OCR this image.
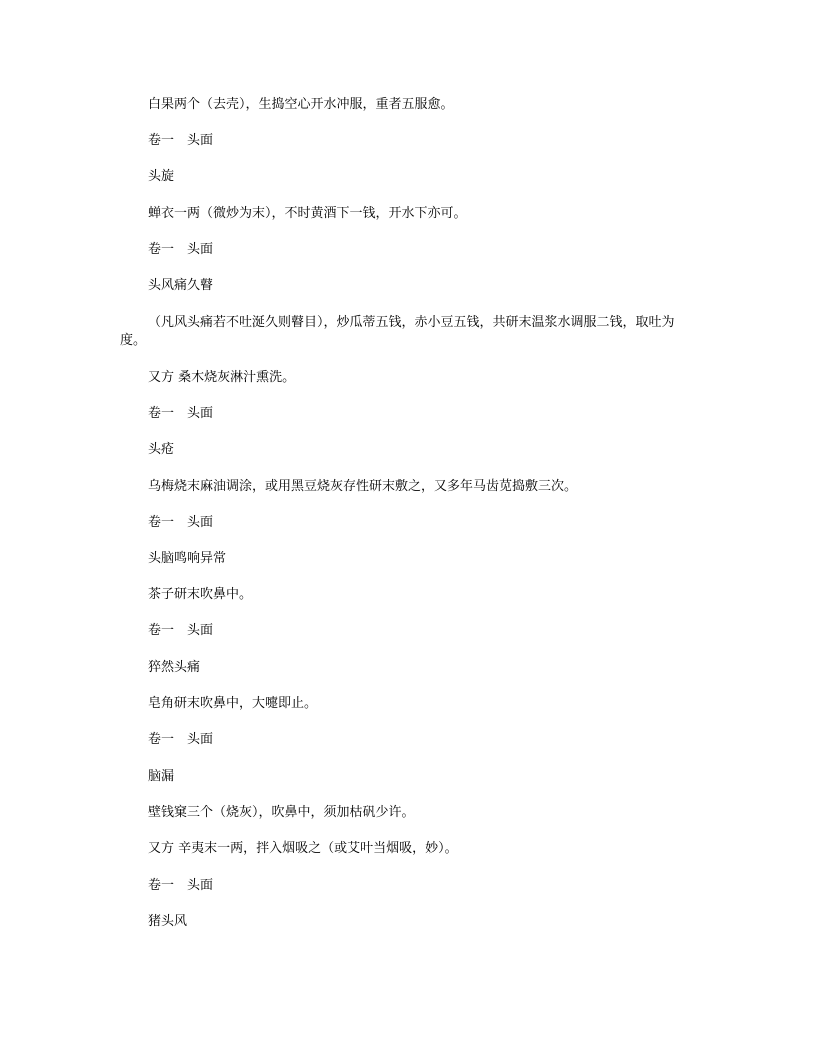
白果两个（去壳），生捣空心开水冲服，重者五服愈。
卷一　头面
头旋
蝉衣一两（微炒为末），不时黄酒下一钱，开水下亦可。
卷一　头面
头风痛久瞽
（凡风头痛若不吐涎久则瞽目），炒瓜蒂五钱，赤小豆五钱，共研末温浆水调服二钱，取吐为度。
又方 桑木烧灰淋汁熏洗。
卷一　头面
头疮
乌梅烧末麻油调涂，或用黑豆烧灰存性研末敷之，又多年马齿苋捣敷三次。
卷一　头面
头脑鸣响异常
茶子研末吹鼻中。
卷一　头面
猝然头痛
皂角研末吹鼻中，大嚏即止。
卷一　头面
脑漏
壁钱窠三个（烧灰），吹鼻中，须加枯矾少许。
又方 辛夷末一两，拌入烟吸之（或艾叶当烟吸，妙）。
卷一　头面
猪头风
